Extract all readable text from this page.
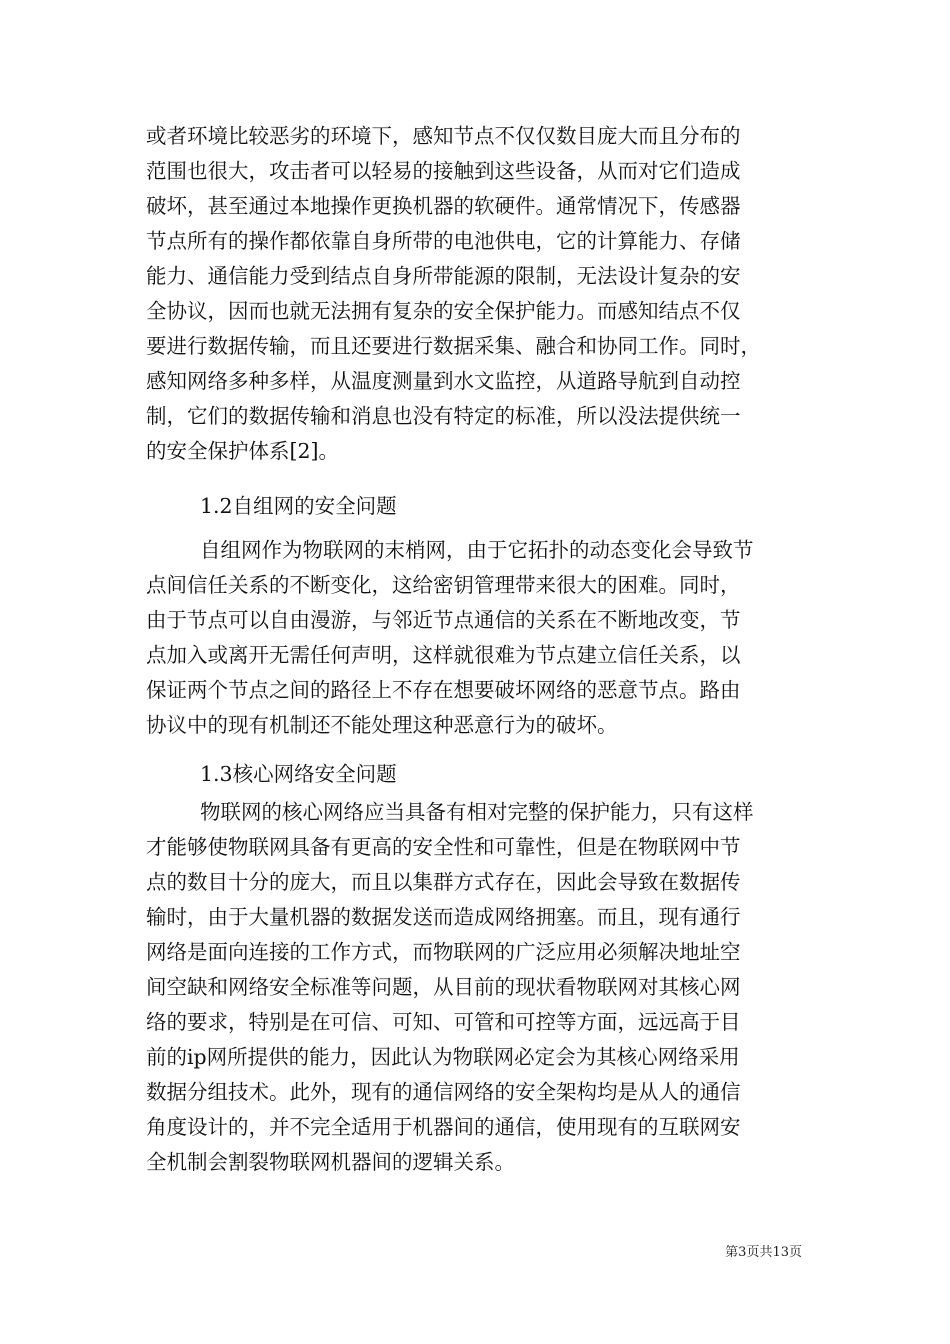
或者环境比较恶劣的环境下，感知节点不仅仅数目庞大而且分布的
范围也很大，攻击者可以轻易的接触到这些设备，从而对它们造成
破坏，甚至通过本地操作更换机器的软硬件。通常情况下，传感器
节点所有的操作都依靠自身所带的电池供电，它的计算能力、存储
能力、通信能力受到结点自身所带能源的限制，无法设计复杂的安
全协议，因而也就无法拥有复杂的安全保护能力。而感知结点不仅
要进行数据传输，而且还要进行数据采集、融合和协同工作。同时，
感知网络多种多样，从温度测量到水文监控，从道路导航到自动控
制，它们的数据传输和消息也没有特定的标准，所以没法提供统一
的安全保护体系[2]。
1.2自组网的安全问题
自组网作为物联网的末梢网，由于它拓扑的动态变化会导致节
点间信任关系的不断变化，这给密钥管理带来很大的困难。同时，
由于节点可以自由漫游，与邻近节点通信的关系在不断地改变，节
点加入或离开无需任何声明，这样就很难为节点建立信任关系，以
保证两个节点之间的路径上不存在想要破坏网络的恶意节点。路由
协议中的现有机制还不能处理这种恶意行为的破坏。
1.3核心网络安全问题
物联网的核心网络应当具备有相对完整的保护能力，只有这样
才能够使物联网具备有更高的安全性和可靠性，但是在物联网中节
点的数目十分的庞大，而且以集群方式存在，因此会导致在数据传
输时，由于大量机器的数据发送而造成网络拥塞。而且，现有通行
网络是面向连接的工作方式，而物联网的广泛应用必须解决地址空
间空缺和网络安全标准等问题，从目前的现状看物联网对其核心网
络的要求，特别是在可信、可知、可管和可控等方面，远远高于目
前的ip网所提供的能力，因此认为物联网必定会为其核心网络采用
数据分组技术。此外，现有的通信网络的安全架构均是从人的通信
角度设计的，并不完全适用于机器间的通信，使用现有的互联网安
全机制会割裂物联网机器间的逻辑关系。
第3页共13页
